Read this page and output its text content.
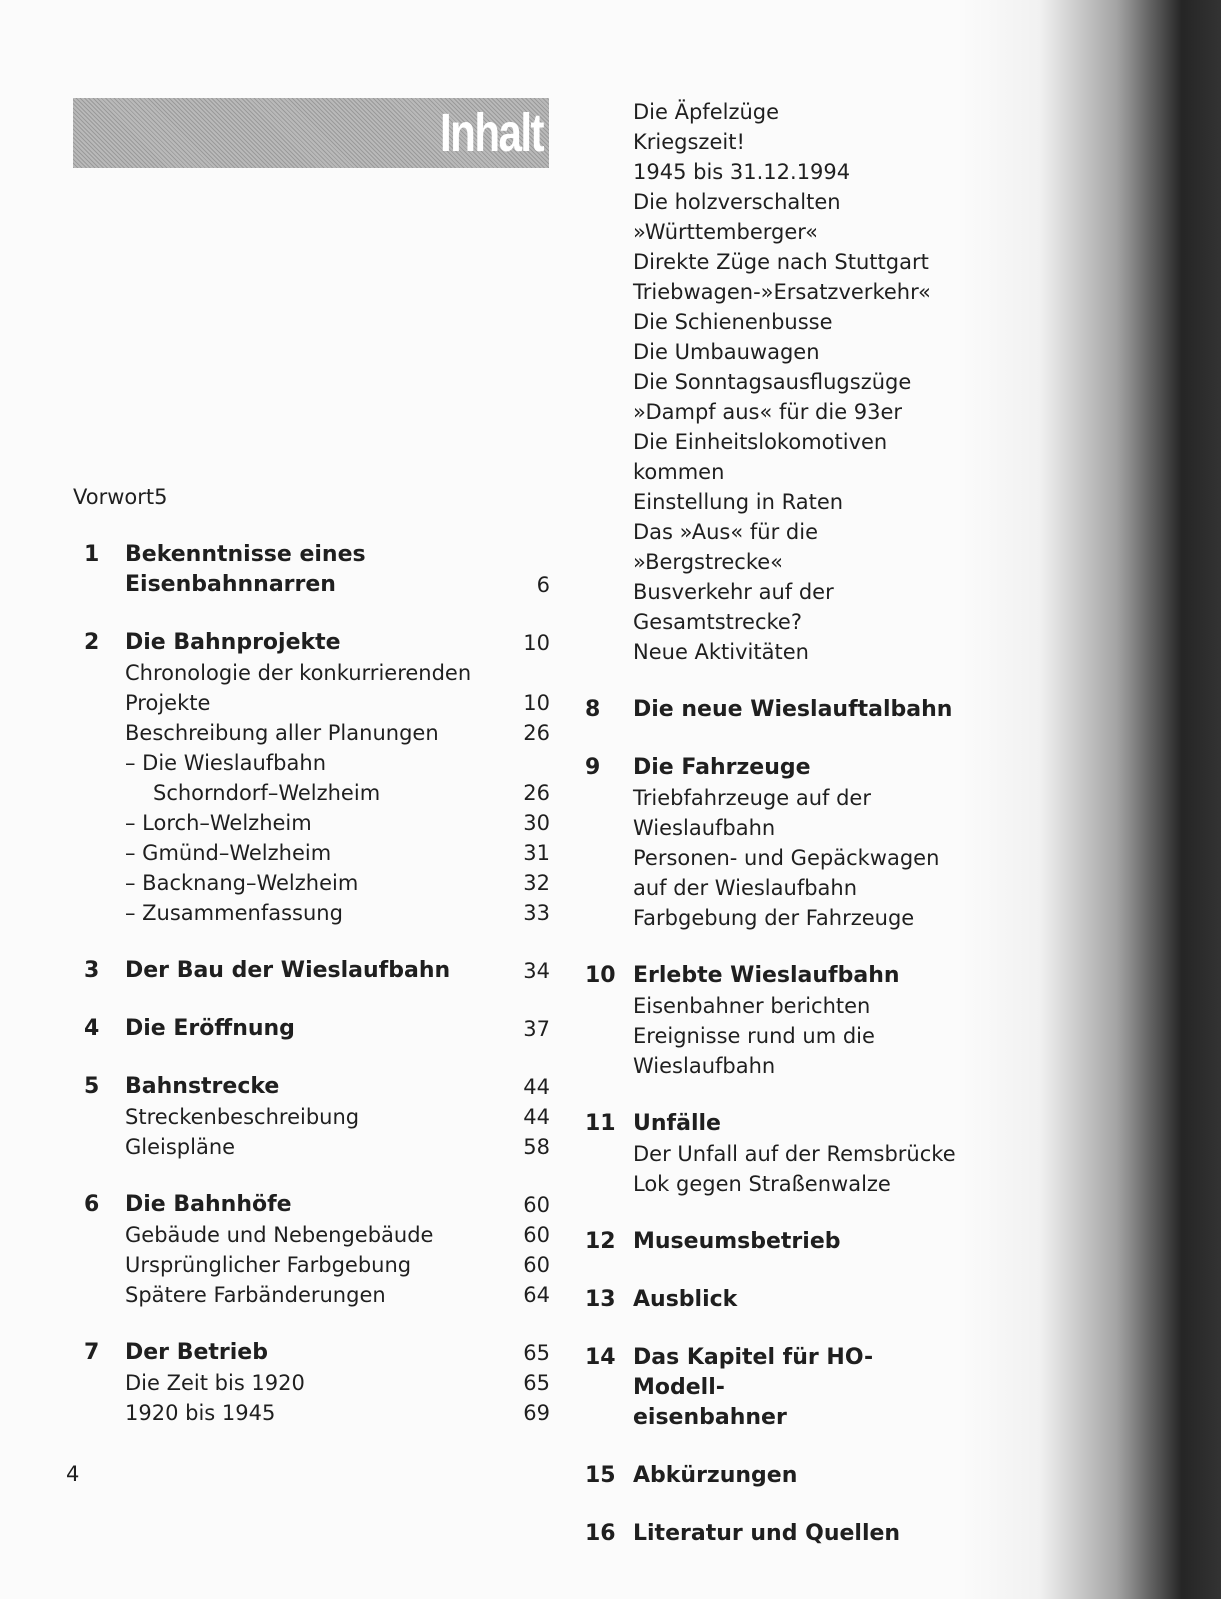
Inhalt
Vorwort5
1	Bekenntnisse eines
Eisenbahnnarren	6
2	Die Bahnprojekte	10
Chronologie der konkurrierenden
Projekte	10
Beschreibung aller Planungen	26
– Die Wieslaufbahn
Schorndorf–Welzheim	26
– Lorch–Welzheim	30
– Gmünd–Welzheim	31
– Backnang–Welzheim	32
– Zusammenfassung	33
3	Der Bau der Wieslaufbahn	34
4	Die Eröffnung	37
5	Bahnstrecke	44
Streckenbeschreibung	44
Gleispläne	58
6	Die Bahnhöfe	60
Gebäude und Nebengebäude	60
Ursprünglicher Farbgebung	60
Spätere Farbänderungen	64
7	Der Betrieb	65
Die Zeit bis 1920	65
1920 bis 1945	69
Die Äpfelzüge
Kriegszeit!
1945 bis 31.12.1994
Die holzverschalten
»Württemberger«
Direkte Züge nach Stuttgart
Triebwagen-»Ersatzverkehr«
Die Schienenbusse
Die Umbauwagen
Die Sonntagsausflugszüge
»Dampf aus« für die 93er
Die Einheitslokomotiven kommen
Einstellung in Raten
Das »Aus« für die »Bergstrecke«
Busverkehr auf der Gesamtstrecke?
Neue Aktivitäten
8	Die neue Wieslauftalbahn
9	Die Fahrzeuge
Triebfahrzeuge auf der
Wieslaufbahn
Personen- und Gepäckwagen
auf der Wieslaufbahn
Farbgebung der Fahrzeuge
10 Erlebte Wieslaufbahn
Eisenbahner berichten
Ereignisse rund um die
Wieslaufbahn
11 Unfälle
Der Unfall auf der Remsbrücke
Lok gegen Straßenwalze
12 Museumsbetrieb
13 Ausblick
14 Das Kapitel für HO-Modell-
eisenbahner
15 Abkürzungen
16 Literatur und Quellen
4
